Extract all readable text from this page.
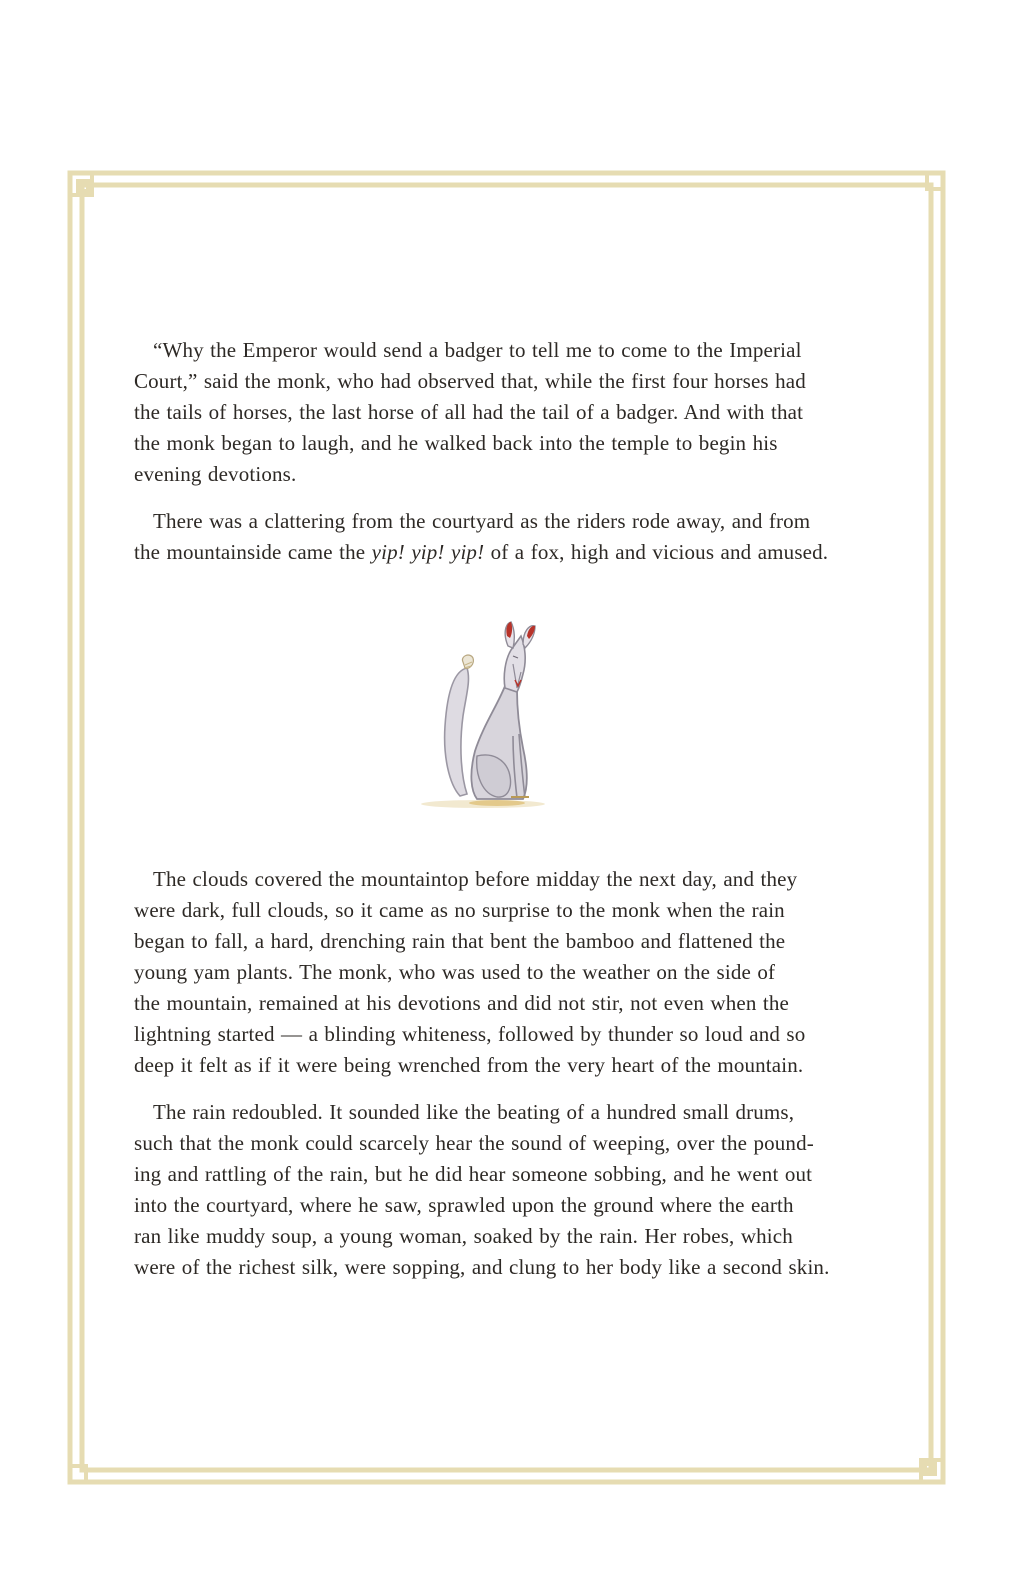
“Why the Emperor would send a badger to tell me to come to the Imperial
Court,” said the monk, who had observed that, while the first four horses had
the tails of horses, the last horse of all had the tail of a badger. And with that
the monk began to laugh, and he walked back into the temple to begin his
evening devotions.
There was a clattering from the courtyard as the riders rode away, and from
the mountainside came the yip! yip! yip! of a fox, high and vicious and amused.
The clouds covered the mountaintop before midday the next day, and they
were dark, full clouds, so it came as no surprise to the monk when the rain
began to fall, a hard, drenching rain that bent the bamboo and flattened the
young yam plants. The monk, who was used to the weather on the side of
the mountain, remained at his devotions and did not stir, not even when the
lightning started — a blinding whiteness, followed by thunder so loud and so
deep it felt as if it were being wrenched from the very heart of the mountain.
The rain redoubled. It sounded like the beating of a hundred small drums,
such that the monk could scarcely hear the sound of weeping, over the pound-
ing and rattling of the rain, but he did hear someone sobbing, and he went out
into the courtyard, where he saw, sprawled upon the ground where the earth
ran like muddy soup, a young woman, soaked by the rain. Her robes, which
were of the richest silk, were sopping, and clung to her body like a second skin.
